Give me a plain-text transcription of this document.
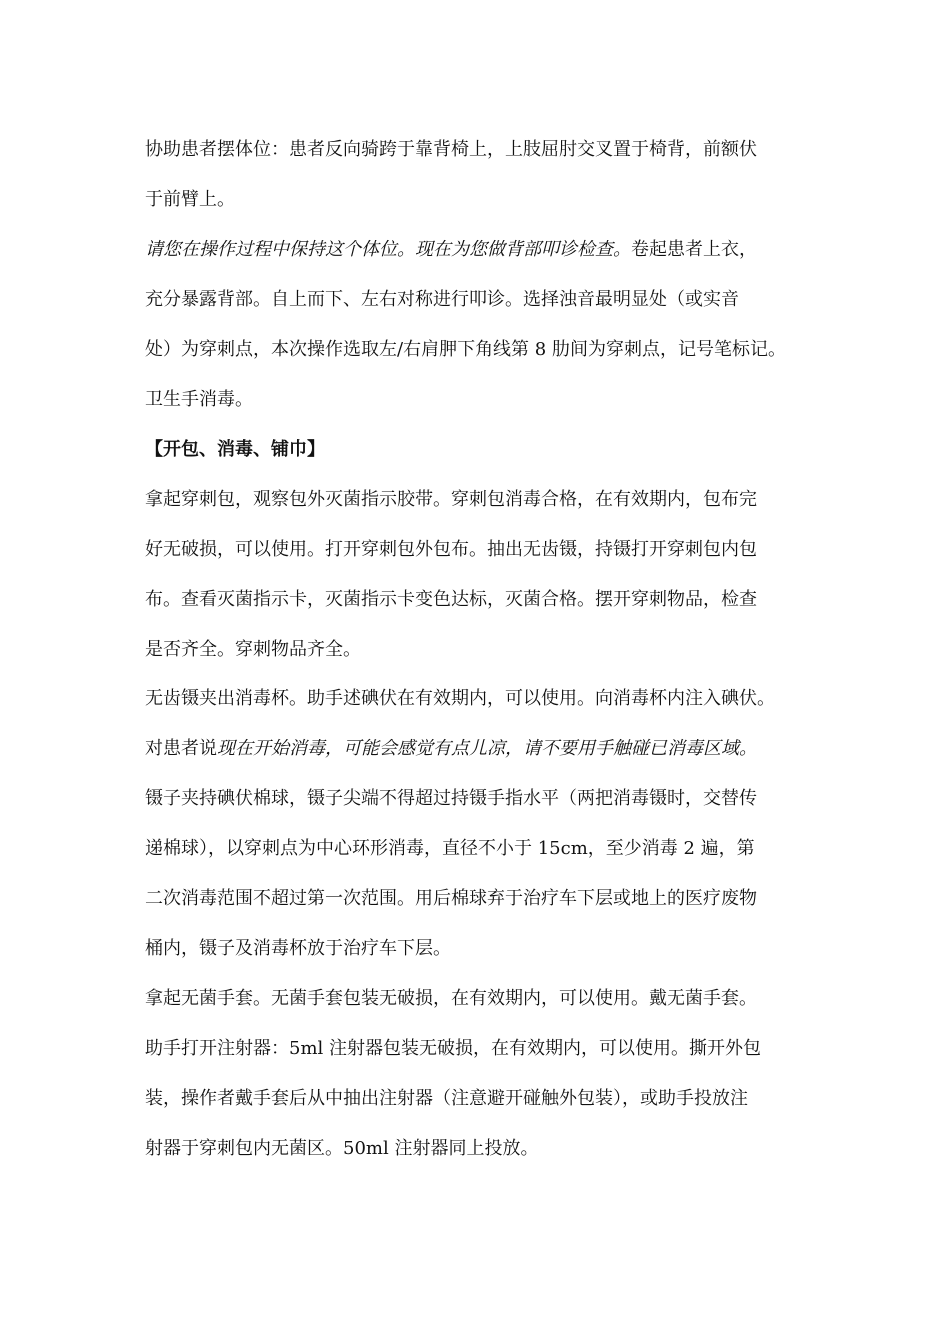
协助患者摆体位：患者反向骑跨于靠背椅上，上肢屈肘交叉置于椅背，前额伏
于前臂上。
请您在操作过程中保持这个体位。现在为您做背部叩诊检查。卷起患者上衣，
充分暴露背部。自上而下、左右对称进行叩诊。选择浊音最明显处（或实音
处）为穿刺点，本次操作选取左/右肩胛下角线第 8 肋间为穿刺点，记号笔标记。
卫生手消毒。
【开包、消毒、铺巾】
拿起穿刺包，观察包外灭菌指示胶带。穿刺包消毒合格，在有效期内，包布完
好无破损，可以使用。打开穿刺包外包布。抽出无齿镊，持镊打开穿刺包内包
布。查看灭菌指示卡，灭菌指示卡变色达标，灭菌合格。摆开穿刺物品，检查
是否齐全。穿刺物品齐全。
无齿镊夹出消毒杯。助手述碘伏在有效期内，可以使用。向消毒杯内注入碘伏。
对患者说现在开始消毒，可能会感觉有点儿凉，请不要用手触碰已消毒区域。
镊子夹持碘伏棉球，镊子尖端不得超过持镊手指水平（两把消毒镊时，交替传
递棉球），以穿刺点为中心环形消毒，直径不小于 15cm，至少消毒 2 遍，第
二次消毒范围不超过第一次范围。用后棉球弃于治疗车下层或地上的医疗废物
桶内，镊子及消毒杯放于治疗车下层。
拿起无菌手套。无菌手套包装无破损，在有效期内，可以使用。戴无菌手套。
助手打开注射器：5ml 注射器包装无破损，在有效期内，可以使用。撕开外包
装，操作者戴手套后从中抽出注射器（注意避开碰触外包装），或助手投放注
射器于穿刺包内无菌区。50ml 注射器同上投放。
